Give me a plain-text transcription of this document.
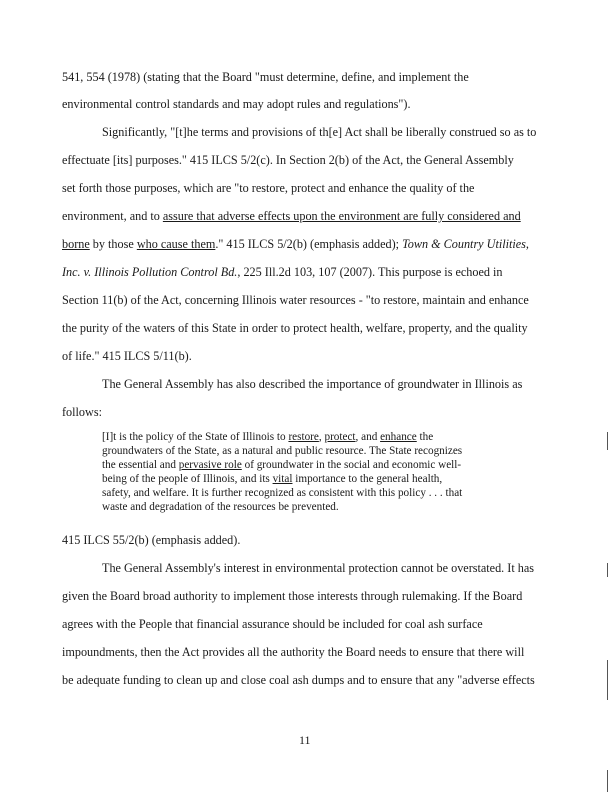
541, 554 (1978) (stating that the Board "must determine, define, and implement the
environmental control standards and may adopt rules and regulations").
Significantly, "[t]he terms and provisions of th[e] Act shall be liberally construed so as to
effectuate [its] purposes." 415 ILCS 5/2(c). In Section 2(b) of the Act, the General Assembly
set forth those purposes, which are "to restore, protect and enhance the quality of the
environment, and to assure that adverse effects upon the environment are fully considered and
borne by those who cause them." 415 ILCS 5/2(b) (emphasis added); Town & Country Utilities,
Inc. v. Illinois Pollution Control Bd., 225 Ill.2d 103, 107 (2007). This purpose is echoed in
Section 11(b) of the Act, concerning Illinois water resources - "to restore, maintain and enhance
the purity of the waters of this State in order to protect health, welfare, property, and the quality
of life." 415 ILCS 5/11(b).
The General Assembly has also described the importance of groundwater in Illinois as
follows:
[I]t is the policy of the State of Illinois to restore, protect, and enhance the
groundwaters of the State, as a natural and public resource. The State recognizes
the essential and pervasive role of groundwater in the social and economic well-
being of the people of Illinois, and its vital importance to the general health,
safety, and welfare. It is further recognized as consistent with this policy . . . that
waste and degradation of the resources be prevented.
415 ILCS 55/2(b) (emphasis added).
The General Assembly's interest in environmental protection cannot be overstated. It has
given the Board broad authority to implement those interests through rulemaking. If the Board
agrees with the People that financial assurance should be included for coal ash surface
impoundments, then the Act provides all the authority the Board needs to ensure that there will
be adequate funding to clean up and close coal ash dumps and to ensure that any "adverse effects
11
